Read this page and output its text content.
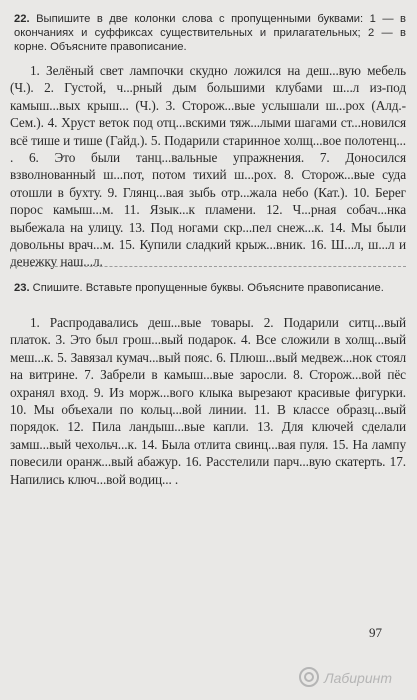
22. Выпишите в две колонки слова с пропущенными буквами: 1 — в окончаниях и суффиксах существительных и прилагательных; 2 — в корне. Объясните правописание.
1. Зелёный свет лампочки скудно ложился на деш...вую мебель (Ч.). 2. Густой, ч...рный дым большими клубами ш...л из-под камыш...вых крыш... (Ч.). 3. Сторож...вые услышали ш...рох (Алд.-Сем.). 4. Хруст веток под отц...вскими тяж...лыми шагами ст...новился всё тише и тише (Гайд.). 5. Подарили старинное холщ...вое полотенц... . 6. Это были танц...вальные упражнения. 7. Доносился взволнованный ш...пот, потом тихий ш...рох. 8. Сторож...вые суда отошли в бухту. 9. Глянц...вая зыбь отр...жала небо (Кат.). 10. Берег порос камыш...м. 11. Язык...к пламени. 12. Ч...рная собач...нка выбежала на улицу. 13. Под ногами скр...пел снеж...к. 14. Мы были довольны врач...м. 15. Купили сладкий крыж...вник. 16. Ш...л, ш...л и денежку наш...л.
23. Спишите. Вставьте пропущенные буквы. Объясните правописание.
1. Распродавались деш...вые товары. 2. Подарили ситц...вый платок. 3. Это был грош...вый подарок. 4. Все сложили в холщ...вый меш...к. 5. Завязал кумач...вый пояс. 6. Плюш...вый медвеж...нок стоял на витрине. 7. Забрели в камыш...вые заросли. 8. Сторож...вой пёс охранял вход. 9. Из морж...вого клыка вырезают красивые фигурки. 10. Мы объехали по кольц...вой линии. 11. В классе образц...вый порядок. 12. Пила ландыш...вые капли. 13. Для ключей сделали замш...вый чехольч...к. 14. Была отлита свинц...вая пуля. 15. На лампу повесили оранж...вый абажур. 16. Расстелили парч...вую скатерть. 17. Напились ключ...вой водиц... .
97
Лабиринт
